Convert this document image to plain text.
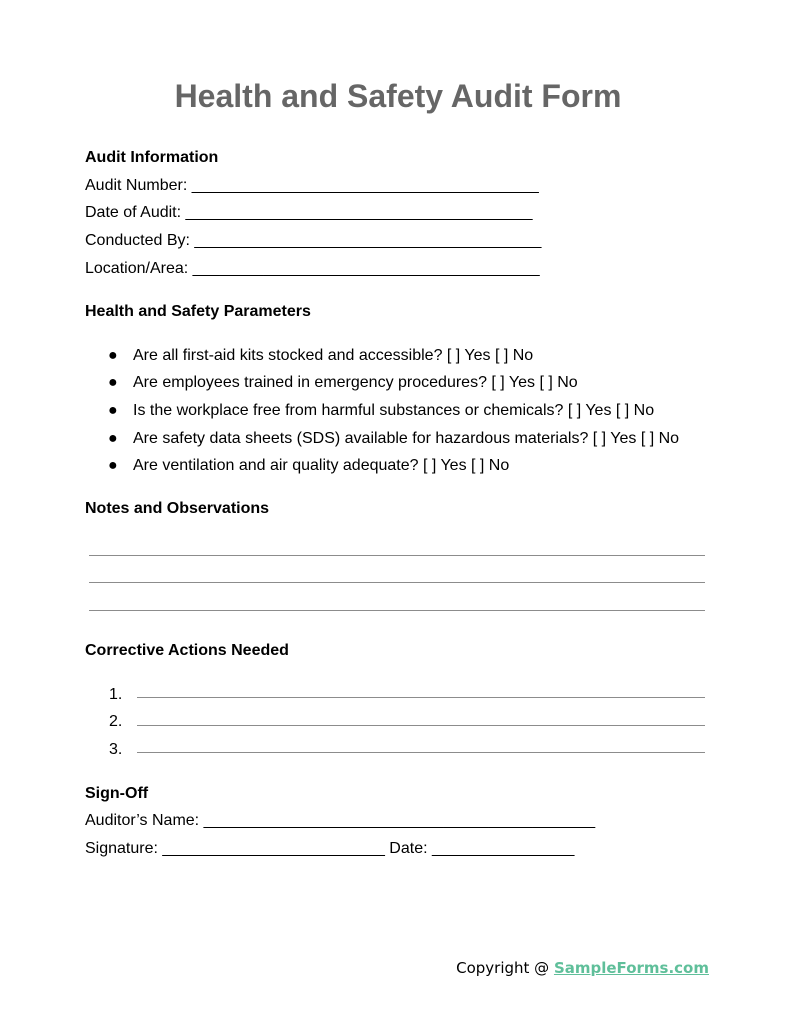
Health and Safety Audit Form
Audit Information
Audit Number: _______________________________________
Date of Audit: _______________________________________
Conducted By: _______________________________________
Location/Area: _______________________________________
Health and Safety Parameters
● Are all first-aid kits stocked and accessible? [ ] Yes [ ] No
● Are employees trained in emergency procedures? [ ] Yes [ ] No
● Is the workplace free from harmful substances or chemicals? [ ] Yes [ ] No
● Are safety data sheets (SDS) available for hazardous materials? [ ] Yes [ ] No
● Are ventilation and air quality adequate? [ ] Yes [ ] No
Notes and Observations
Corrective Actions Needed
1.
2.
3.
Sign-Off
Auditor’s Name: ____________________________________________
Signature: _________________________ Date: ________________
Copyright @ SampleForms.com
